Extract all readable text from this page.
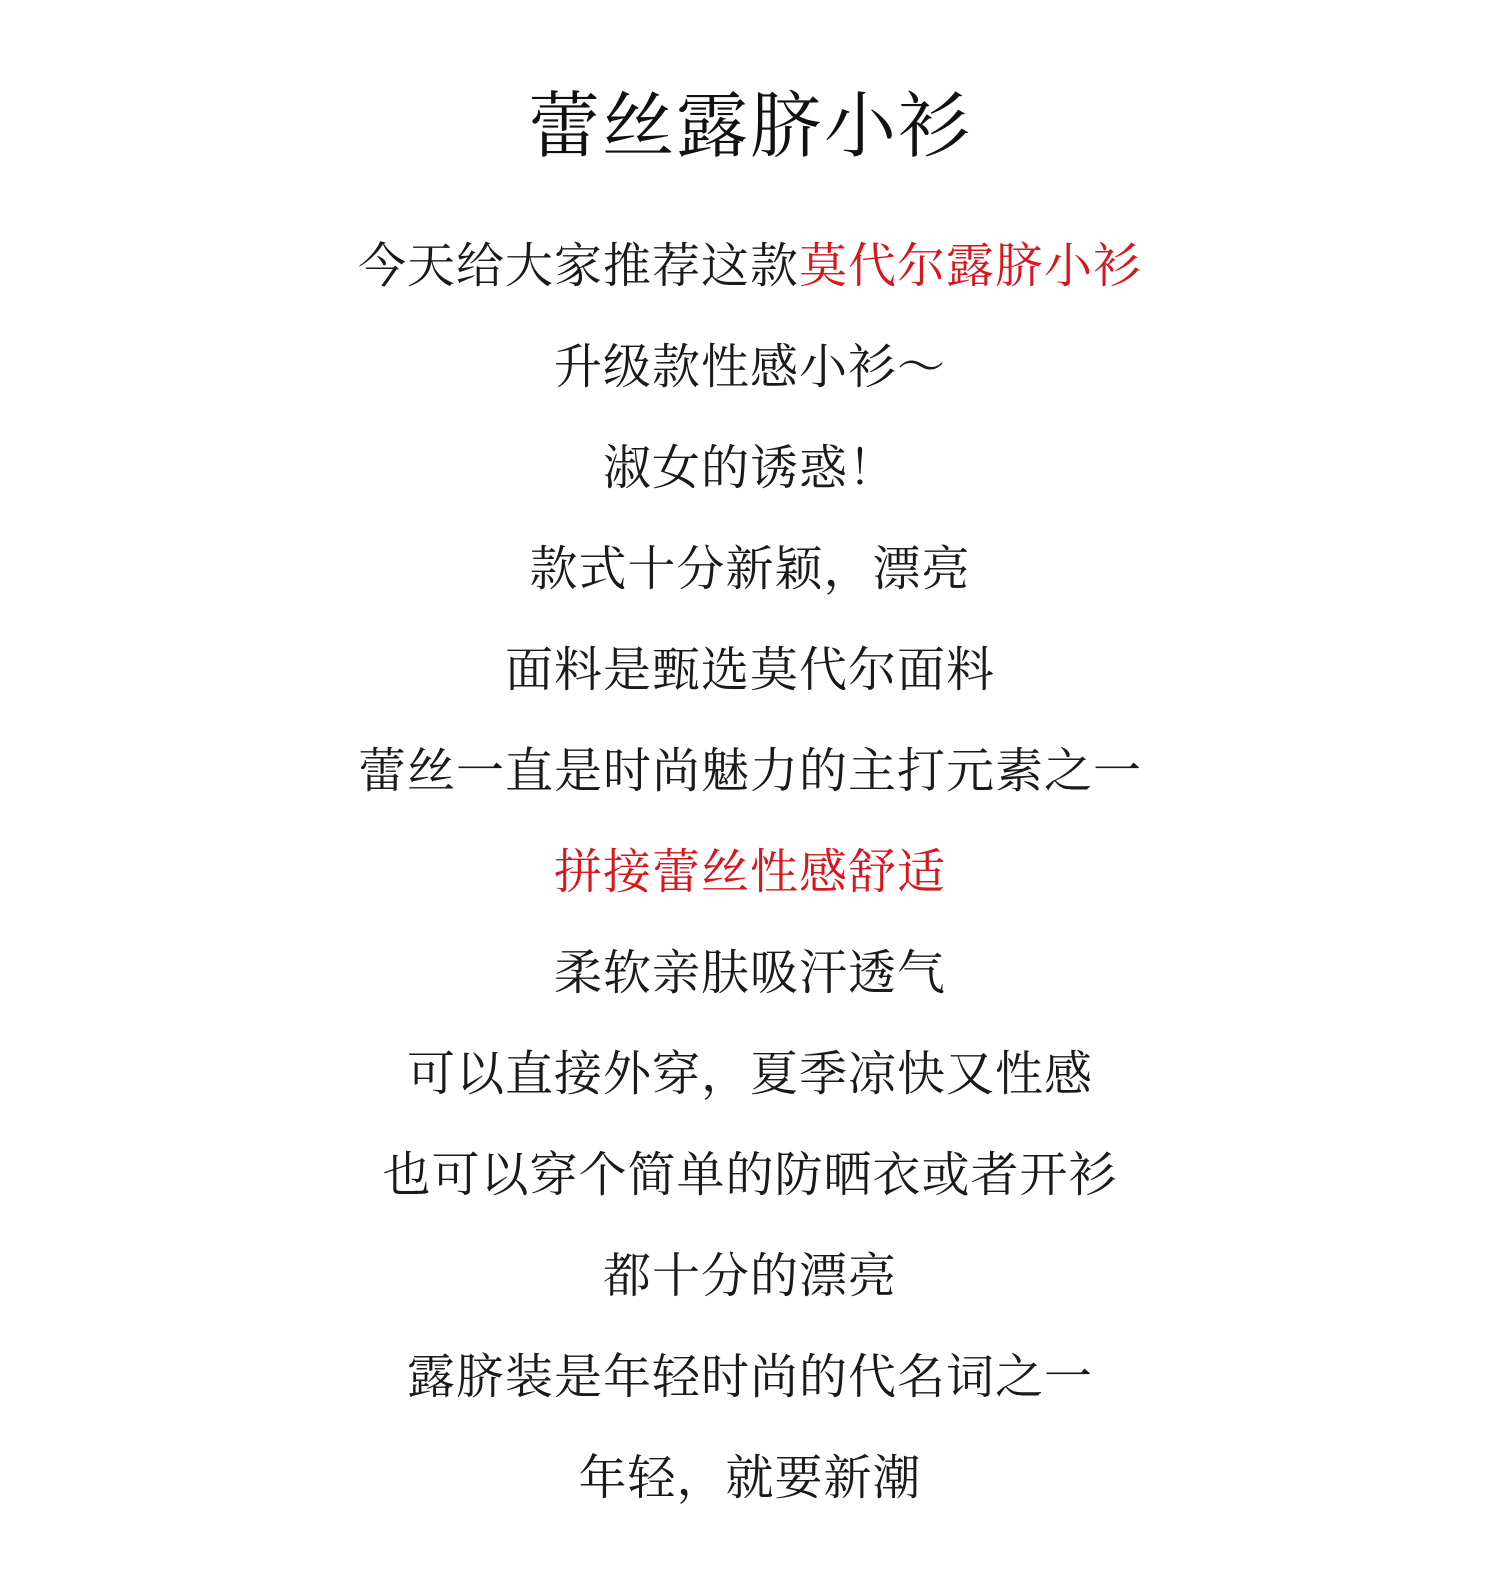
蕾丝露脐小衫
今天给大家推荐这款莫代尔露脐小衫
升级款性感小衫～
淑女的诱惑！
款式十分新颖，漂亮
面料是甄选莫代尔面料
蕾丝一直是时尚魅力的主打元素之一
拼接蕾丝性感舒适
柔软亲肤吸汗透气
可以直接外穿，夏季凉快又性感
也可以穿个简单的防晒衣或者开衫
都十分的漂亮
露脐装是年轻时尚的代名词之一
年轻，就要新潮
